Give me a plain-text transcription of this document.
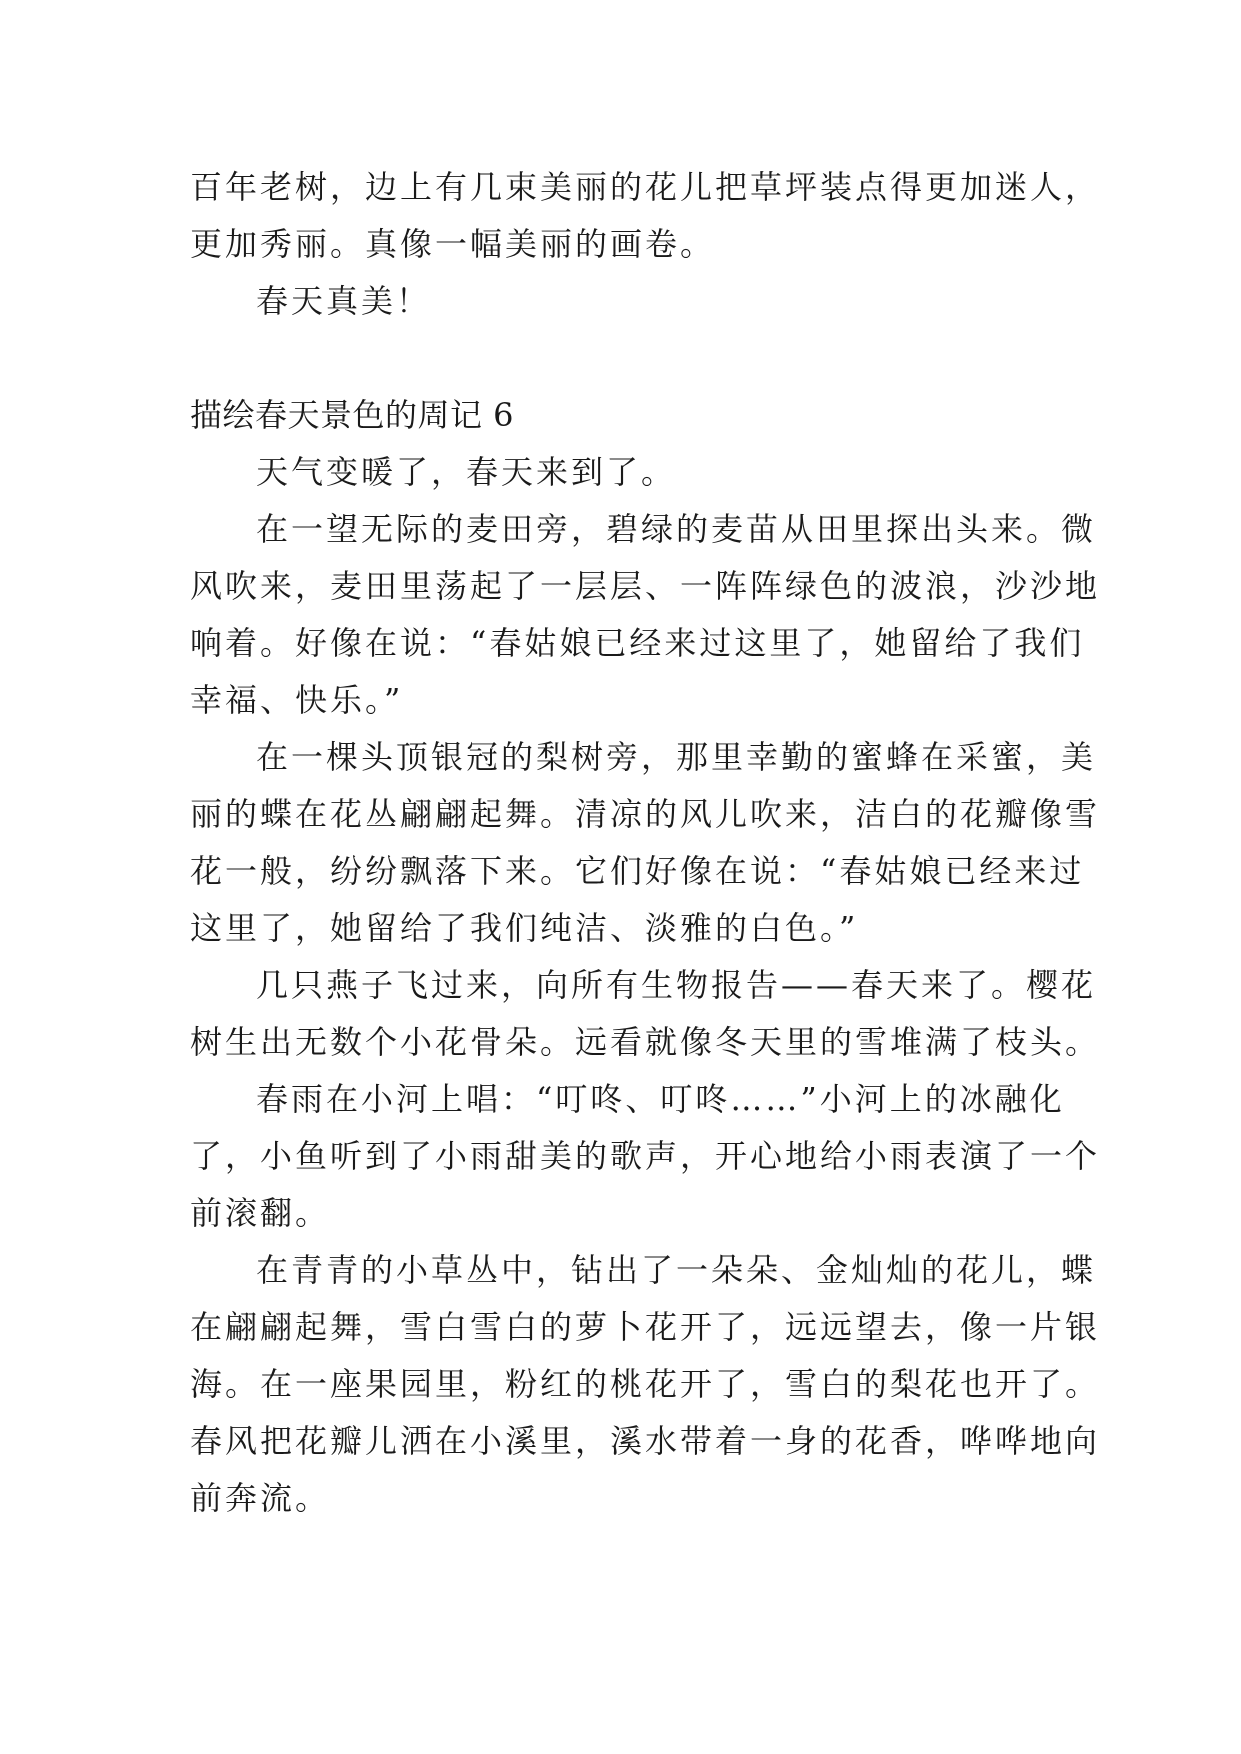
百年老树，边上有几束美丽的花儿把草坪装点得更加迷人，

更加秀丽。真像一幅美丽的画卷。

春天真美！

描绘春天景色的周记 6

天气变暖了，春天来到了。

在一望无际的麦田旁，碧绿的麦苗从田里探出头来。微

风吹来，麦田里荡起了一层层、一阵阵绿色的波浪，沙沙地

响着。好像在说：“春姑娘已经来过这里了，她留给了我们

幸福、快乐。”

在一棵头顶银冠的梨树旁，那里幸勤的蜜蜂在采蜜，美

丽的蝶在花丛翩翩起舞。清凉的风儿吹来，洁白的花瓣像雪

花一般，纷纷飘落下来。它们好像在说：“春姑娘已经来过

这里了，她留给了我们纯洁、淡雅的白色。”

几只燕子飞过来，向所有生物报告——春天来了。樱花

树生出无数个小花骨朵。远看就像冬天里的雪堆满了枝头。

春雨在小河上唱：“叮咚、叮咚……”小河上的冰融化

了，小鱼听到了小雨甜美的歌声，开心地给小雨表演了一个

前滚翻。

在青青的小草丛中，钻出了一朵朵、金灿灿的花儿，蝶

在翩翩起舞，雪白雪白的萝卜花开了，远远望去，像一片银

海。在一座果园里，粉红的桃花开了，雪白的梨花也开了。

春风把花瓣儿洒在小溪里，溪水带着一身的花香，哗哗地向

前奔流。
